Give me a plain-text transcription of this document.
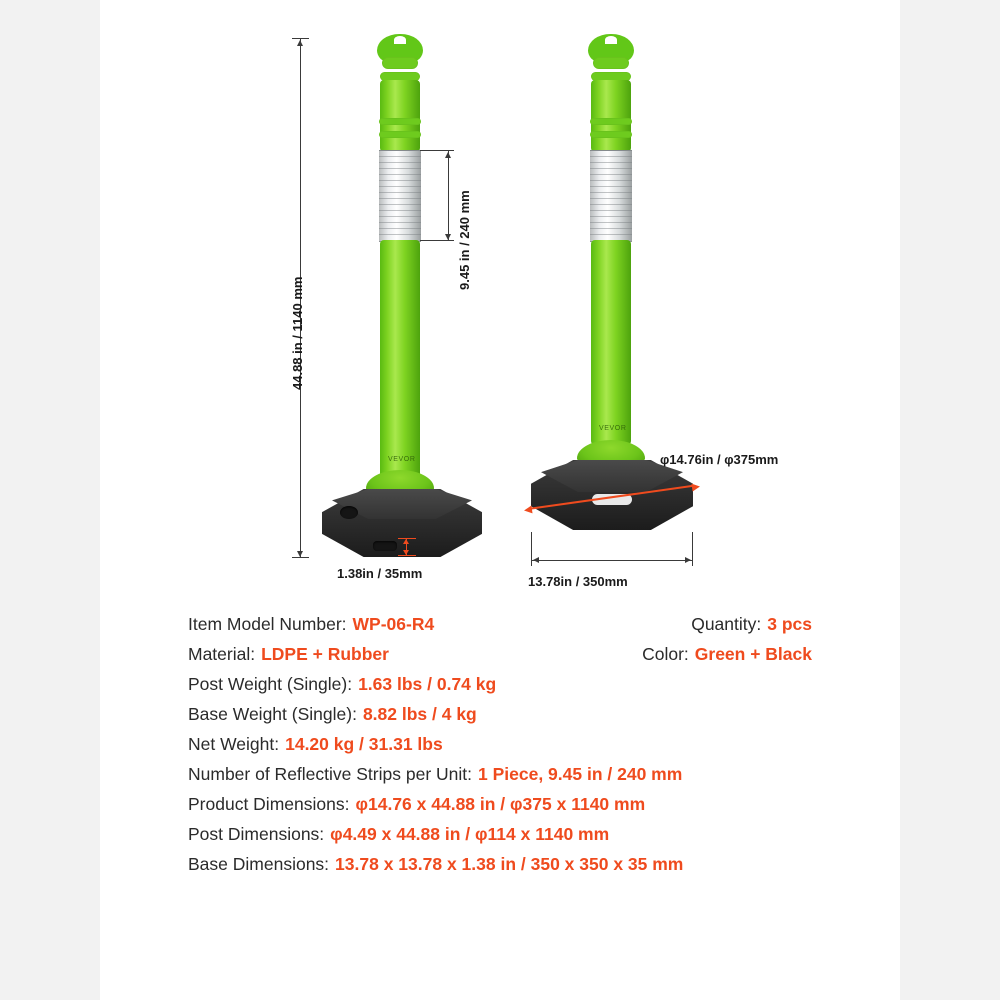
VEVOR
VEVOR
44.88 in / 1140 mm
9.45 in / 240 mm
1.38in / 35mm
φ14.76in / φ375mm
13.78in / 350mm
Item Model Number: WP-06-R4	Quantity: 3 pcs
Material: LDPE + Rubber	Color: Green + Black
Post Weight (Single): 1.63 lbs / 0.74 kg
Base Weight (Single): 8.82 lbs / 4 kg
Net Weight: 14.20 kg / 31.31 lbs
Number of Reflective Strips per Unit: 1 Piece, 9.45 in / 240 mm
Product Dimensions: φ14.76 x 44.88 in / φ375 x 1140 mm
Post Dimensions: φ4.49 x 44.88 in / φ114 x 1140 mm
Base Dimensions: 13.78 x 13.78 x 1.38 in / 350 x 350 x 35 mm
